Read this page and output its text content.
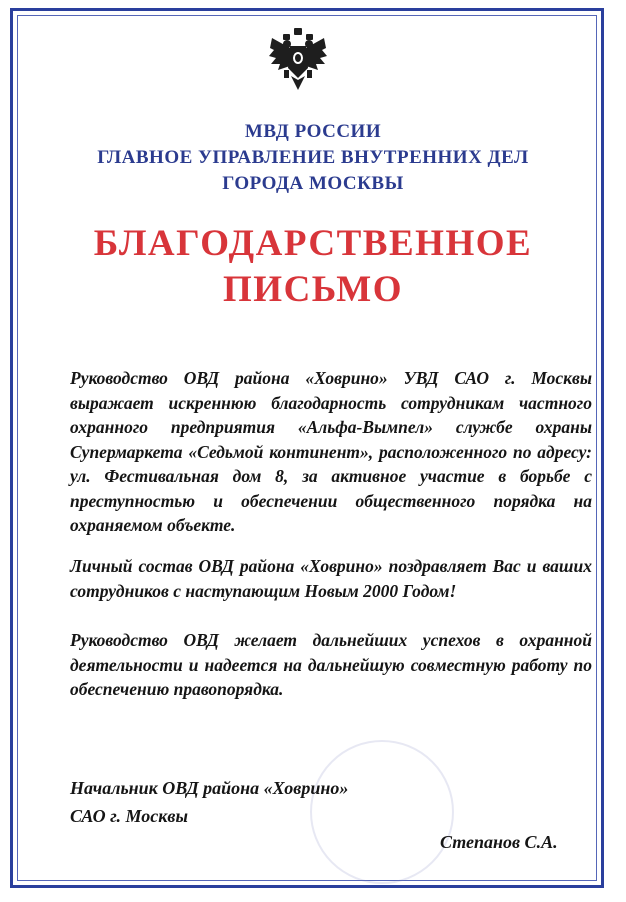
МВД РОССИИ
ГЛАВНОЕ УПРАВЛЕНИЕ ВНУТРЕННИХ ДЕЛ
ГОРОДА МОСКВЫ
БЛАГОДАРСТВЕННОЕ
ПИСЬМО
Руководство ОВД района «Ховрино» УВД САО г. Москвы выражает искреннюю благодарность сотрудникам частного охранного предприятия «Альфа-Вымпел» службе охраны Супермаркета «Седьмой континент», расположенного по адресу: ул. Фестивальная дом 8, за активное участие в борьбе с преступностью и обеспечении общественного порядка на охраняемом объекте.
Личный состав ОВД района «Ховрино» поздравляет Вас и ваших сотрудников с наступающим Новым 2000 Годом!
Руководство ОВД желает дальнейших успехов в охранной деятельности и надеется на дальнейшую совместную работу по обеспечению правопорядка.
Начальник ОВД района «Ховрино»
САО г. Москвы
Степанов С.А.
